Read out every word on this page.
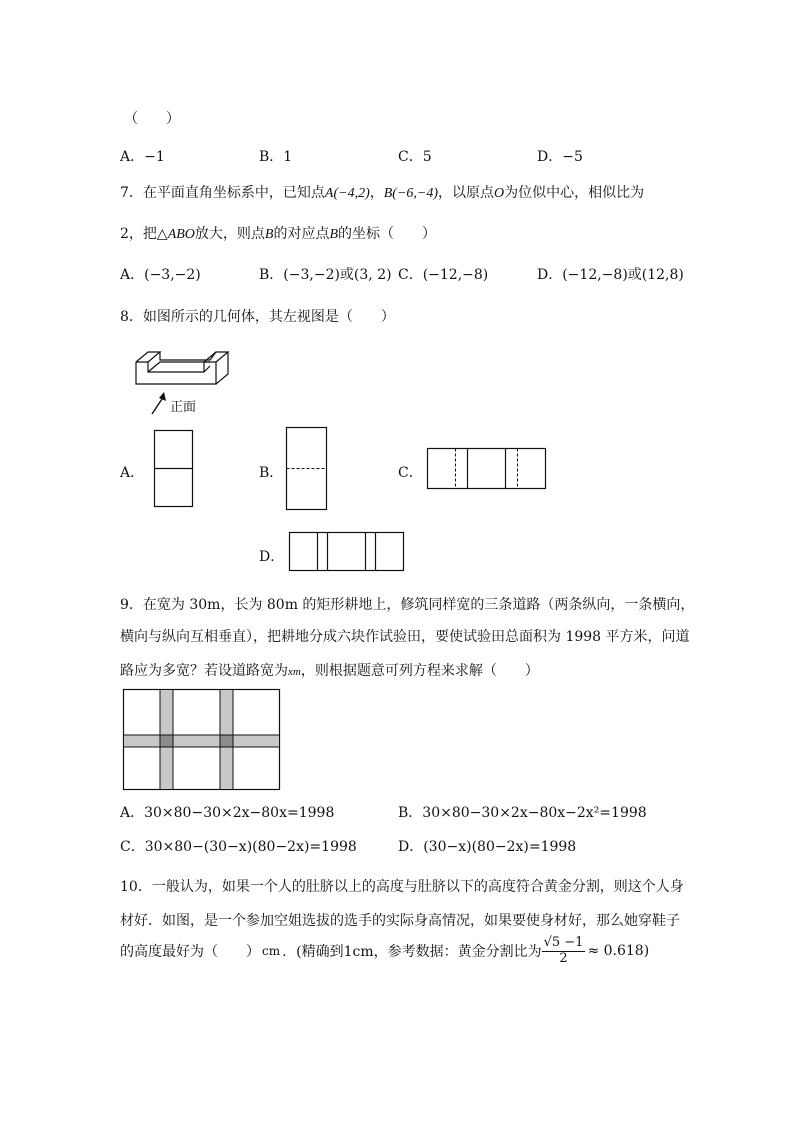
（　　）
A．−1	B．1	C．5	D．−5
7．在平面直角坐标系中，已知点A(−4,2)，B(−6,−4)，以原点O为位似中心，相似比为
2，把△ABO放大，则点B的对应点B的坐标（　　）
A．(−3,−2)	B．(−3,−2)或(3, 2) C．(−12,−8)	D．(−12,−8)或(12,8)
8．如图所示的几何体，其左视图是（　　）
正面
A．	B．	C．
D．
9．在宽为 30m，长为 80m 的矩形耕地上，修筑同样宽的三条道路（两条纵向，一条横向，
横向与纵向互相垂直），把耕地分成六块作试验田，要使试验田总面积为 1998 平方米，问道
路应为多宽？若设道路宽为xm，则根据题意可列方程来求解（　　）
A．30×80−30×2x−80x=1998	B．30×80−30×2x−80x−2x²=1998
C．30×80−(30−x)(80−2x)=1998	D．(30−x)(80−2x)=1998
10．一般认为，如果一个人的肚脐以上的高度与肚脐以下的高度符合黄金分割，则这个人身
材好．如图，是一个参加空姐选拔的选手的实际身高情况，如果要使身材好，那么她穿鞋子
的高度最好为（　　） cm ．(精确到1cm，参考数据：黄金分割比为 $\frac{√5 -1}{2} \approx 0.618$)
